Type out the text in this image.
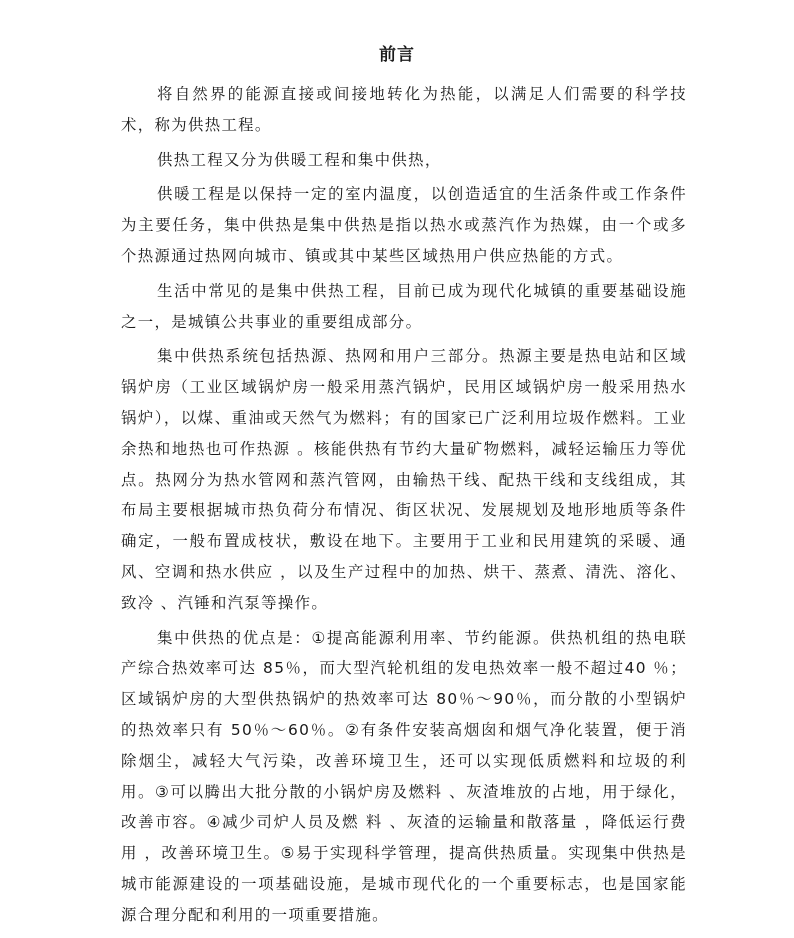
前言

将自然界的能源直接或间接地转化为热能，以满足人们需要的科学技术，称为供热工程。

供热工程又分为供暖工程和集中供热，

供暖工程是以保持一定的室内温度，以创造适宜的生活条件或工作条件为主要任务，集中供热是集中供热是指以热水或蒸汽作为热媒，由一个或多个热源通过热网向城市、镇或其中某些区域热用户供应热能的方式。

生活中常见的是集中供热工程，目前已成为现代化城镇的重要基础设施之一，是城镇公共事业的重要组成部分。

集中供热系统包括热源、热网和用户三部分。热源主要是热电站和区域锅炉房（工业区域锅炉房一般采用蒸汽锅炉，民用区域锅炉房一般采用热水锅炉），以煤、重油或天然气为燃料；有的国家已广泛利用垃圾作燃料。工业余热和地热也可作热源 。核能供热有节约大量矿物燃料，减轻运输压力等优点。热网分为热水管网和蒸汽管网，由输热干线、配热干线和支线组成，其布局主要根据城市热负荷分布情况、街区状况、发展规划及地形地质等条件确定，一般布置成枝状，敷设在地下。主要用于工业和民用建筑的采暖、通风、空调和热水供应 ，以及生产过程中的加热、烘干、蒸煮、清洗、溶化、致冷 、汽锤和汽泵等操作。

集中供热的优点是：①提高能源利用率、节约能源。供热机组的热电联产综合热效率可达 85％，而大型汽轮机组的发电热效率一般不超过40 ％；区域锅炉房的大型供热锅炉的热效率可达 80％～90％，而分散的小型锅炉的热效率只有 50％～60％。②有条件安装高烟囱和烟气净化装置，便于消除烟尘，减轻大气污染，改善环境卫生，还可以实现低质燃料和垃圾的利用。③可以腾出大批分散的小锅炉房及燃料 、灰渣堆放的占地，用于绿化，改善市容。④减少司炉人员及燃 料 、灰渣的运输量和散落量 ，降低运行费用 ，改善环境卫生。⑤易于实现科学管理，提高供热质量。实现集中供热是城市能源建设的一项基础设施，是城市现代化的一个重要标志，也是国家能源合理分配和利用的一项重要措施。
